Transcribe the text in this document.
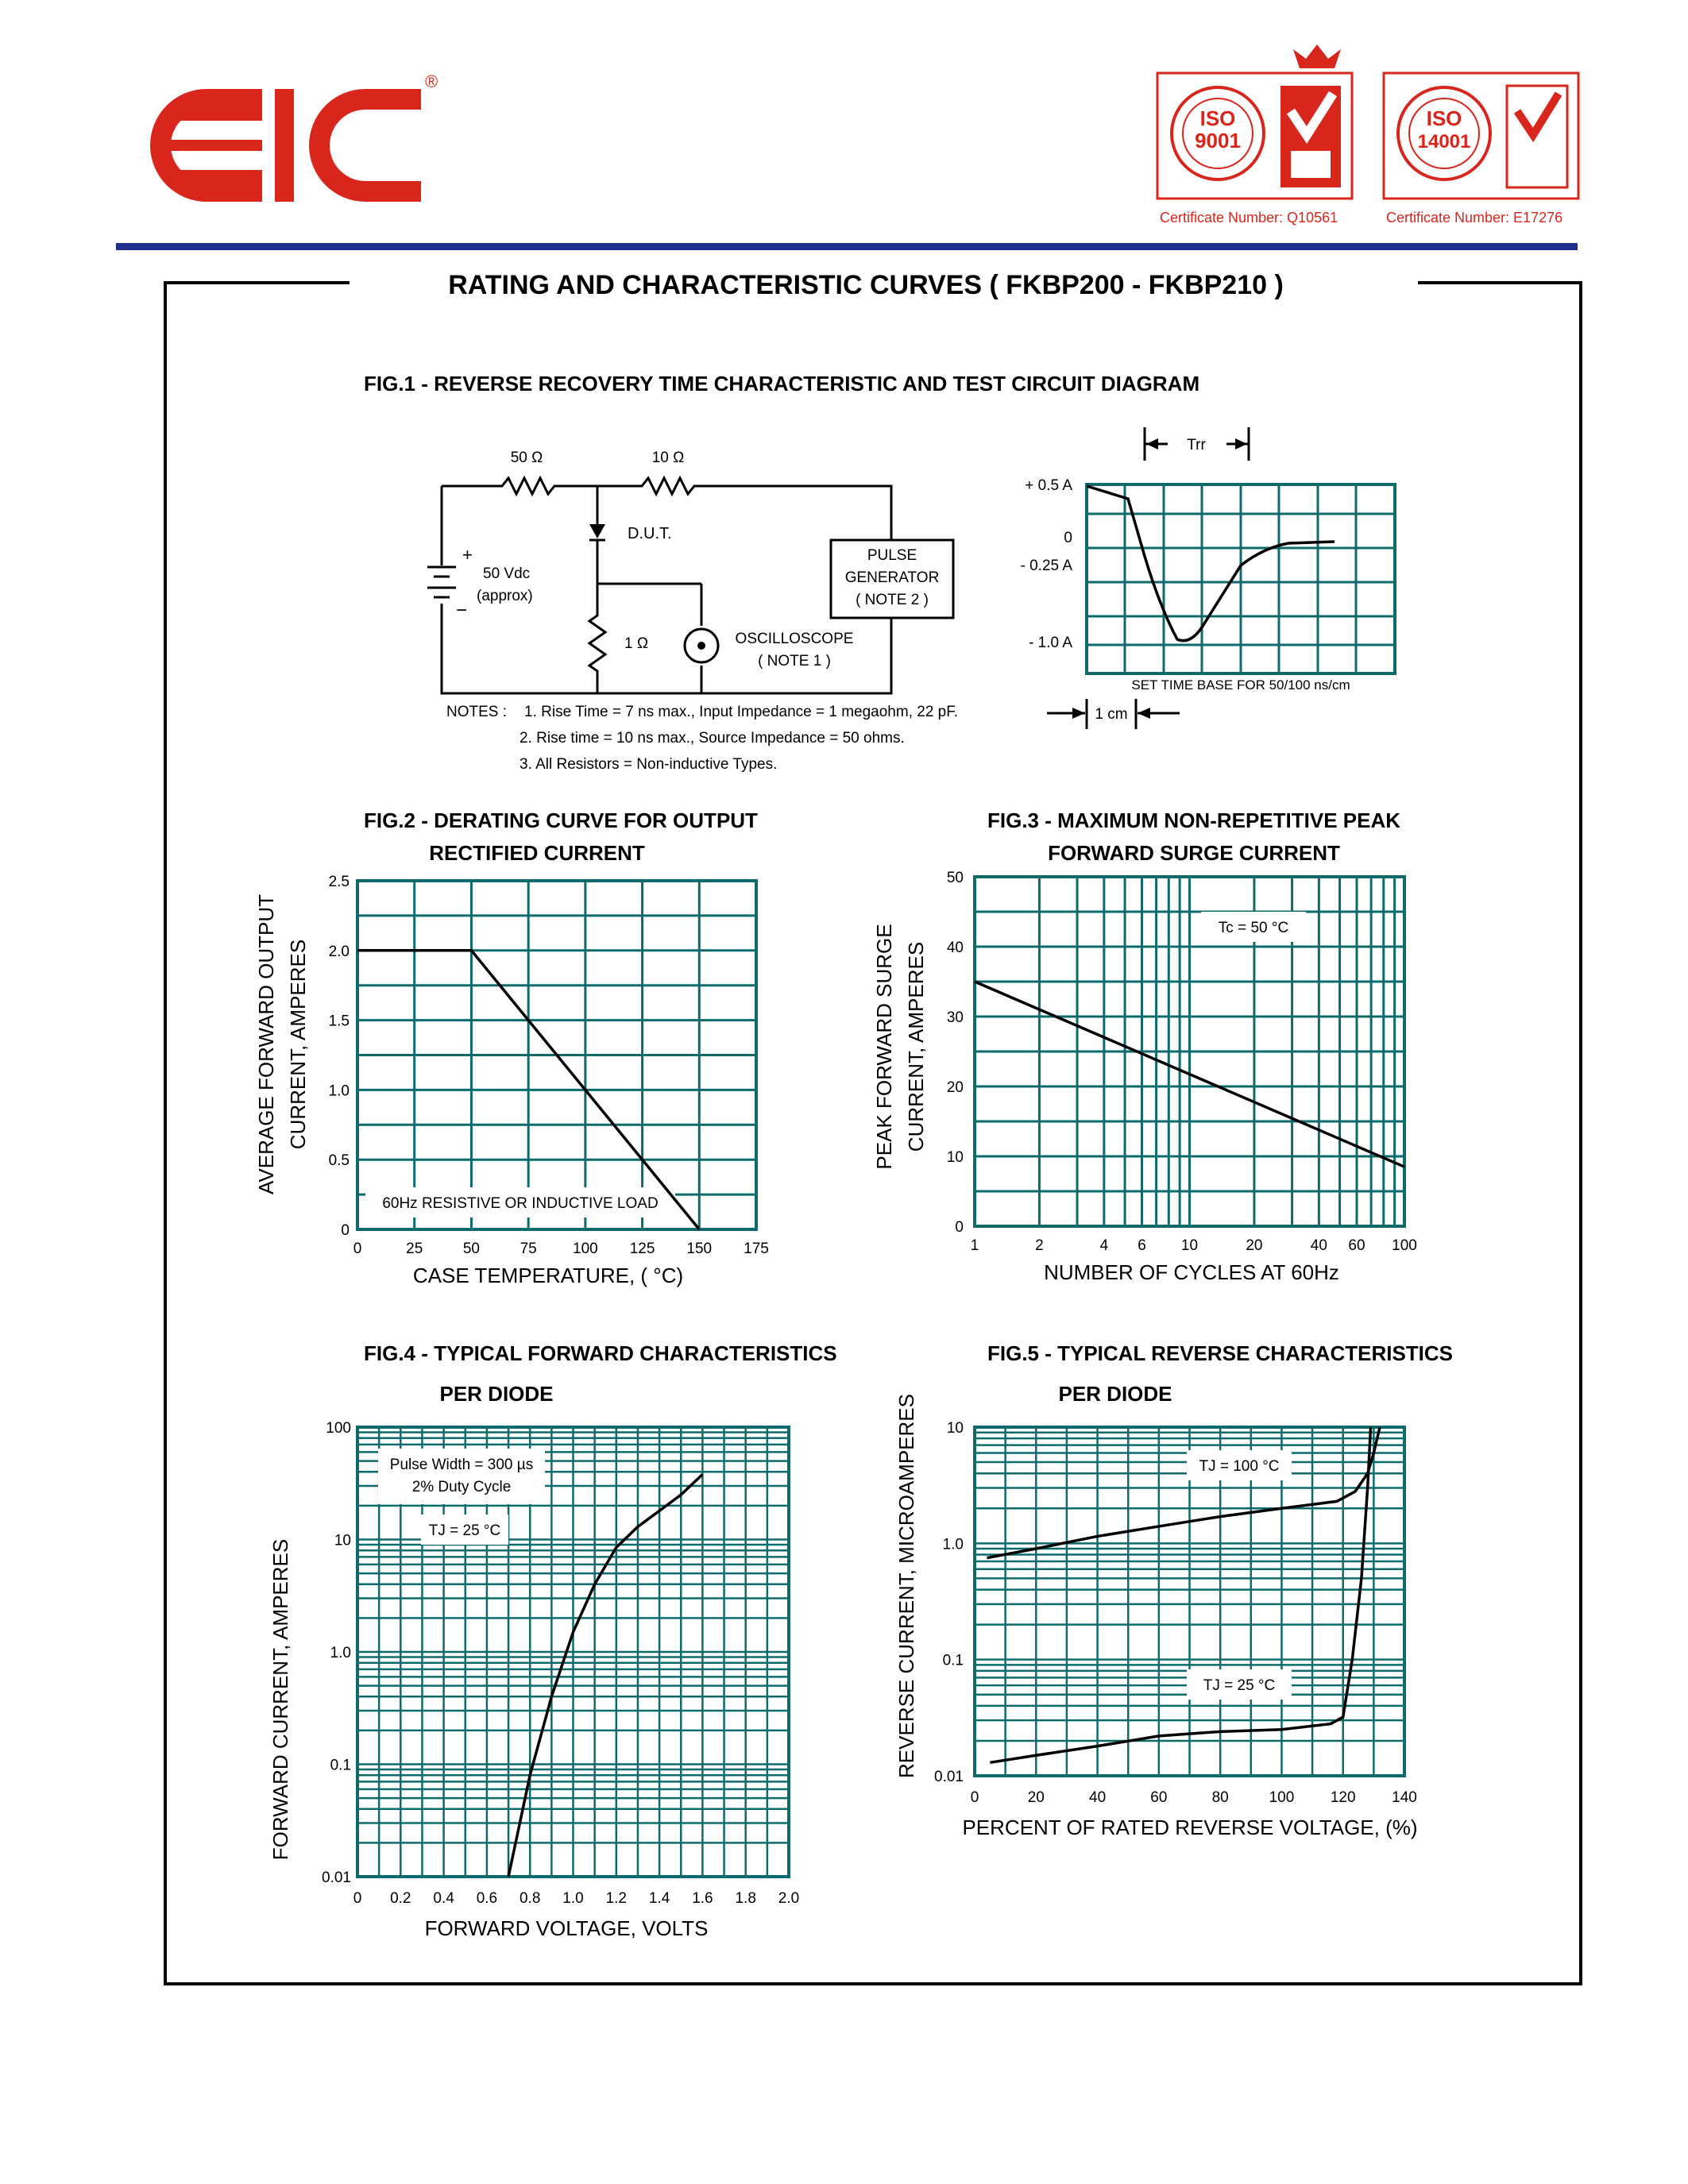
®
ISO
9001
Certificate Number: Q10561
ISO
14001
Certificate Number: E17276
RATING AND CHARACTERISTIC CURVES ( FKBP200 - FKBP210 )
FIG.1 - REVERSE RECOVERY TIME CHARACTERISTIC AND TEST CIRCUIT DIAGRAM
50 Ω	10 Ω
D.U.T.
+
−
50 Vdc
(approx)
1 Ω
PULSE
GENERATOR
( NOTE 2 )
OSCILLOSCOPE
( NOTE 1 )
NOTES : 1. Rise Time = 7 ns max., Input Impedance = 1 megaohm, 22 pF.
2. Rise time = 10 ns max., Source Impedance = 50 ohms.
3. All Resistors = Non-inductive Types.
Trr
+ 0.5 A
0
- 0.25 A
- 1.0 A
SET TIME BASE FOR 50/100 ns/cm
1 cm
0	25	50	75 100 125 150 175
0
0.5
1.0
1.5
2.0
2.5
60Hz RESISTIVE OR INDUCTIVE LOAD
1	2	4 6 10	20	40 60 100
0
10
20
30
40
50
Tc = 50 °C
0 0.2 0.4 0.6 0.8 1.0 1.2 1.4 1.6 1.8 2.0
0.01
0.1
1.0
10
100
Pulse Width = 300 µs
2% Duty Cycle
TJ = 25 °C
0	20	40	60	80	100 120 140
0.01
0.1
1.0
10
TJ = 100 °C
TJ = 25 °C
FIG.2 - DERATING CURVE FOR OUTPUT
RECTIFIED CURRENT
FIG.3 - MAXIMUM NON-REPETITIVE PEAK
FORWARD SURGE CURRENT
FIG.4 - TYPICAL FORWARD CHARACTERISTICS
PER DIODE
FIG.5 - TYPICAL REVERSE CHARACTERISTICS
PER DIODE
CASE TEMPERATURE, ( °C)
AVERAGE FORWARD OUTPUT CURRENT, AMPERES
NUMBER OF CYCLES AT 60Hz
PEAK FORWARD SURGE CURRENT, AMPERES
FORWARD VOLTAGE, VOLTS
FORWARD CURRENT, AMPERES	PERCENT OF RATED REVERSE VOLTAGE, (%)
REVERSE CURRENT, MICROAMPERES
